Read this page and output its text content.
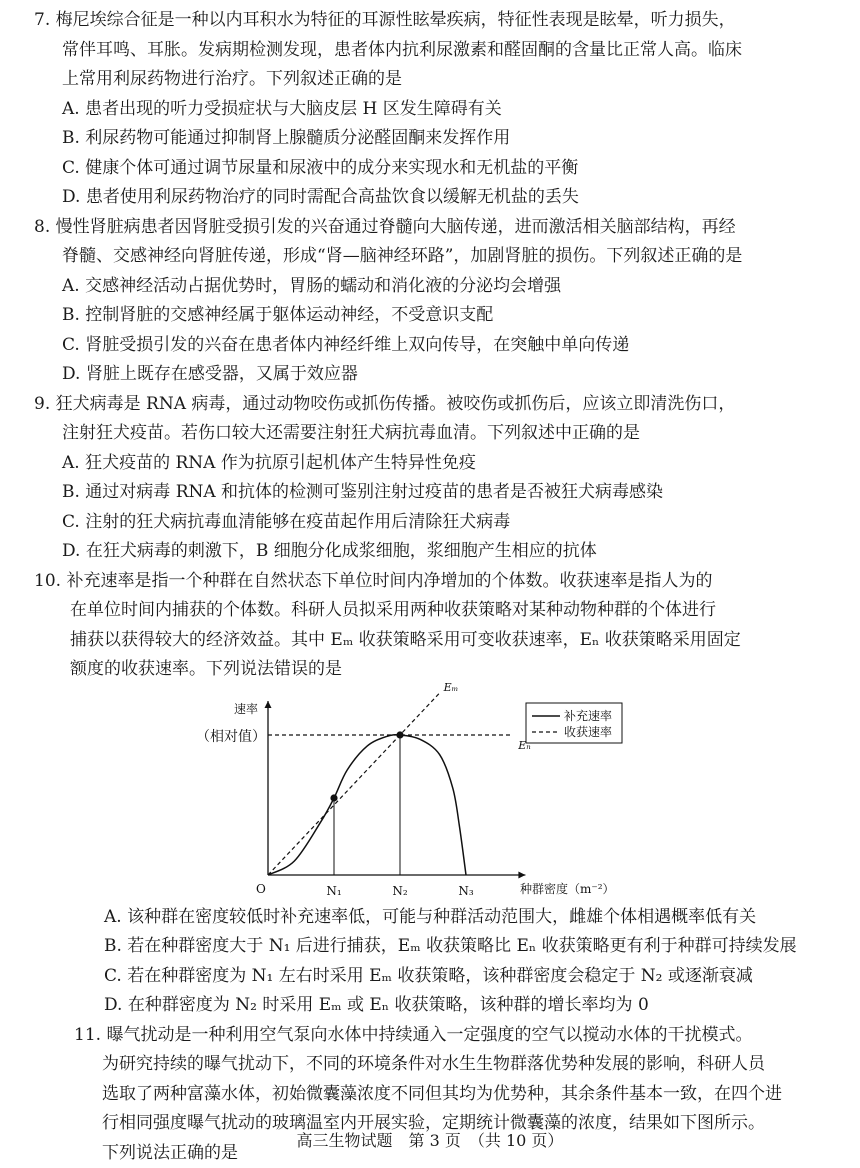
7. 梅尼埃综合征是一种以内耳积水为特征的耳源性眩晕疾病，特征性表现是眩晕，听力损失，
常伴耳鸣、耳胀。发病期检测发现，患者体内抗利尿激素和醛固酮的含量比正常人高。临床
上常用利尿药物进行治疗。下列叙述正确的是
A. 患者出现的听力受损症状与大脑皮层 H 区发生障碍有关
B. 利尿药物可能通过抑制肾上腺髓质分泌醛固酮来发挥作用
C. 健康个体可通过调节尿量和尿液中的成分来实现水和无机盐的平衡
D. 患者使用利尿药物治疗的同时需配合高盐饮食以缓解无机盐的丢失
8. 慢性肾脏病患者因肾脏受损引发的兴奋通过脊髓向大脑传递，进而激活相关脑部结构，再经
脊髓、交感神经向肾脏传递，形成“肾—脑神经环路”，加剧肾脏的损伤。下列叙述正确的是
A. 交感神经活动占据优势时，胃肠的蠕动和消化液的分泌均会增强
B. 控制肾脏的交感神经属于躯体运动神经，不受意识支配
C. 肾脏受损引发的兴奋在患者体内神经纤维上双向传导，在突触中单向传递
D. 肾脏上既存在感受器，又属于效应器
9. 狂犬病毒是 RNA 病毒，通过动物咬伤或抓伤传播。被咬伤或抓伤后，应该立即清洗伤口，
注射狂犬疫苗。若伤口较大还需要注射狂犬病抗毒血清。下列叙述中正确的是
A. 狂犬疫苗的 RNA 作为抗原引起机体产生特异性免疫
B. 通过对病毒 RNA 和抗体的检测可鉴别注射过疫苗的患者是否被狂犬病毒感染
C. 注射的狂犬病抗毒血清能够在疫苗起作用后清除狂犬病毒
D. 在狂犬病毒的刺激下，B 细胞分化成浆细胞，浆细胞产生相应的抗体
10. 补充速率是指一个种群在自然状态下单位时间内净增加的个体数。收获速率是指人为的
在单位时间内捕获的个体数。科研人员拟采用两种收获策略对某种动物种群的个体进行
捕获以获得较大的经济效益。其中 Eₘ 收获策略采用可变收获速率，Eₙ 收获策略采用固定
额度的收获速率。下列说法错误的是
速率
（相对值）
O	种群密度（m⁻²）
N₁	N₂	N₃
Eₘ
Eₙ
补充速率
收获速率
A. 该种群在密度较低时补充速率低，可能与种群活动范围大，雌雄个体相遇概率低有关
B. 若在种群密度大于 N₁ 后进行捕获，Eₘ 收获策略比 Eₙ 收获策略更有利于种群可持续发展
C. 若在种群密度为 N₁ 左右时采用 Eₘ 收获策略，该种群密度会稳定于 N₂ 或逐渐衰减
D. 在种群密度为 N₂ 时采用 Eₘ 或 Eₙ 收获策略，该种群的增长率均为 0
11. 曝气扰动是一种利用空气泵向水体中持续通入一定强度的空气以搅动水体的干扰模式。
为研究持续的曝气扰动下，不同的环境条件对水生生物群落优势种发展的影响，科研人员
选取了两种富藻水体，初始微囊藻浓度不同但其均为优势种，其余条件基本一致，在四个进
行相同强度曝气扰动的玻璃温室内开展实验，定期统计微囊藻的浓度，结果如下图所示。
下列说法正确的是
高三生物试题　第 3 页　（共 10 页）
